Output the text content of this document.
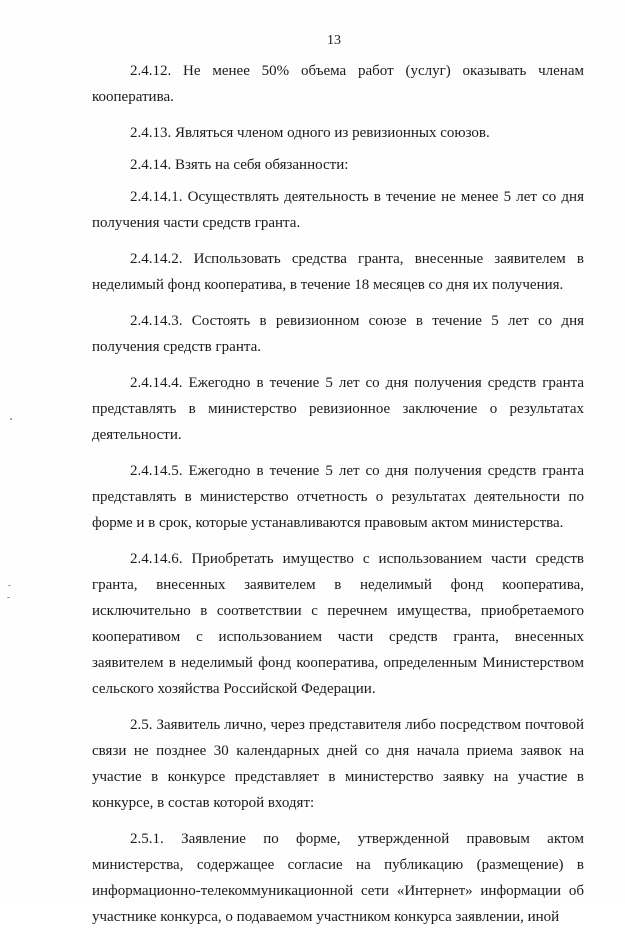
13

2.4.12. Не менее 50% объема работ (услуг) оказывать членам кооператива.

2.4.13. Являться членом одного из ревизионных союзов.

2.4.14. Взять на себя обязанности:

2.4.14.1. Осуществлять деятельность в течение не менее 5 лет со дня получения части средств гранта.

2.4.14.2. Использовать средства гранта, внесенные заявителем в неделимый фонд кооператива, в течение 18 месяцев со дня их получения.

2.4.14.3. Состоять в ревизионном союзе в течение 5 лет со дня получения средств гранта.

2.4.14.4. Ежегодно в течение 5 лет со дня получения средств гранта представлять в министерство ревизионное заключение о результатах деятельности.

2.4.14.5. Ежегодно в течение 5 лет со дня получения средств гранта представлять в министерство отчетность о результатах деятельности по форме и в срок, которые устанавливаются правовым актом министерства.

2.4.14.6. Приобретать имущество с использованием части средств гранта, внесенных заявителем в неделимый фонд кооператива, исключительно в соответствии с перечнем имущества, приобретаемого кооперативом с использованием части средств гранта, внесенных заявителем в неделимый фонд кооператива, определенным Министерством сельского хозяйства Российской Федерации.

2.5. Заявитель лично, через представителя либо посредством почтовой связи не позднее 30 календарных дней со дня начала приема заявок на участие в конкурсе представляет в министерство заявку на участие в конкурсе, в состав которой входят:

2.5.1. Заявление по форме, утвержденной правовым актом министерства, содержащее согласие на публикацию (размещение) в информационно-телекоммуникационной сети «Интернет» информации об участнике конкурса, о подаваемом участником конкурса заявлении, иной
